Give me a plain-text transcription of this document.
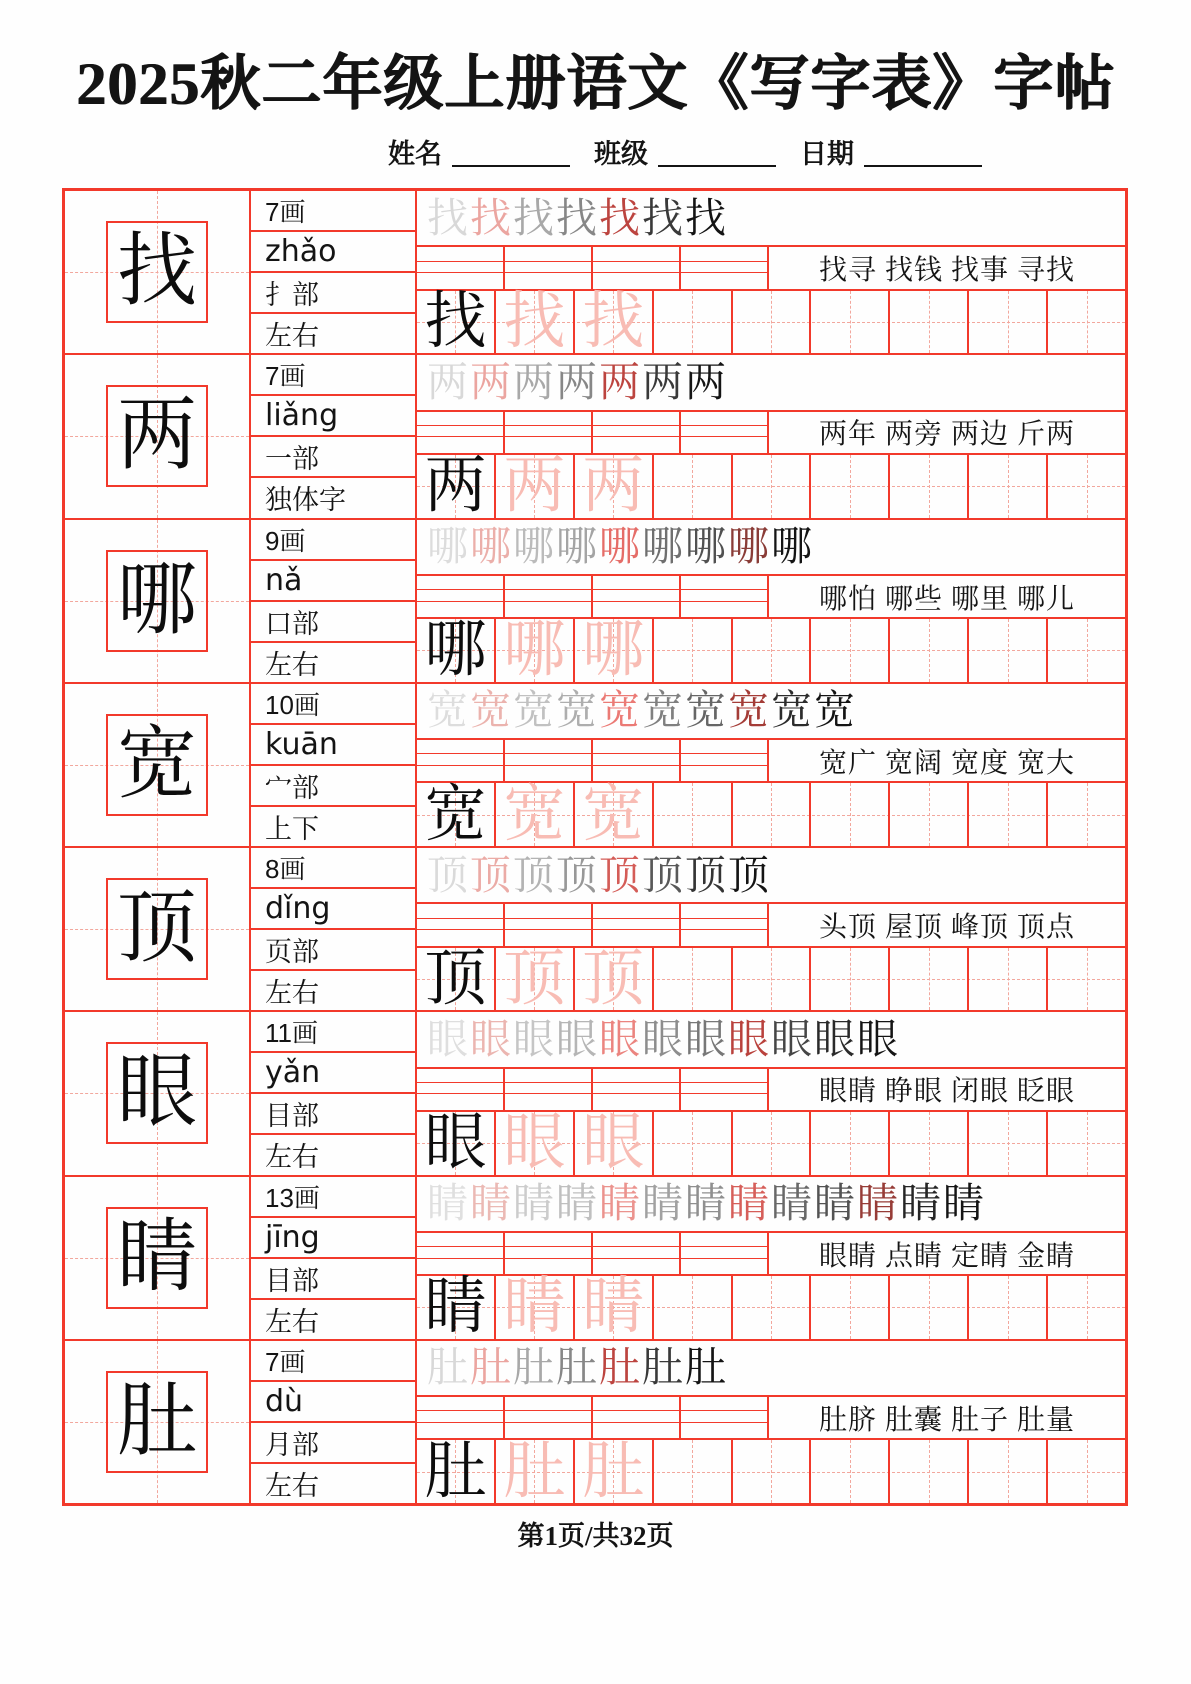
2025秋二年级上册语文《写字表》字帖
姓名	班级	日期
找
7画
zhǎo
扌部
左右
找 找 找 找 找 找 找
找寻 找钱 找事 寻找
找 找 找
两
7画
liǎng
一部
独体字
两 两 两 两 两 两 两
两年 两旁 两边 斤两
两 两 两
哪
9画
nǎ
口部
左右
哪 哪 哪 哪 哪 哪 哪 哪 哪
哪怕 哪些 哪里 哪儿
哪 哪 哪
宽
10画
kuān
宀部
上下
宽 宽 宽 宽 宽 宽 宽 宽 宽 宽
宽广 宽阔 宽度 宽大
宽 宽 宽
顶
8画
dǐng
页部
左右
顶 顶 顶 顶 顶 顶 顶 顶
头顶 屋顶 峰顶 顶点
顶 顶 顶
眼
11画
yǎn
目部
左右
眼 眼 眼 眼 眼 眼 眼 眼 眼 眼 眼
眼睛 睁眼 闭眼 眨眼
眼 眼 眼
睛
13画
jīng
目部
左右
睛 睛 睛 睛 睛 睛 睛 睛 睛 睛 睛 睛 睛
眼睛 点睛 定睛 金睛
睛 睛 睛
肚
7画
dù
月部
左右
肚 肚 肚 肚 肚 肚 肚
肚脐 肚囊 肚子 肚量
肚 肚 肚
第1页/共32页
